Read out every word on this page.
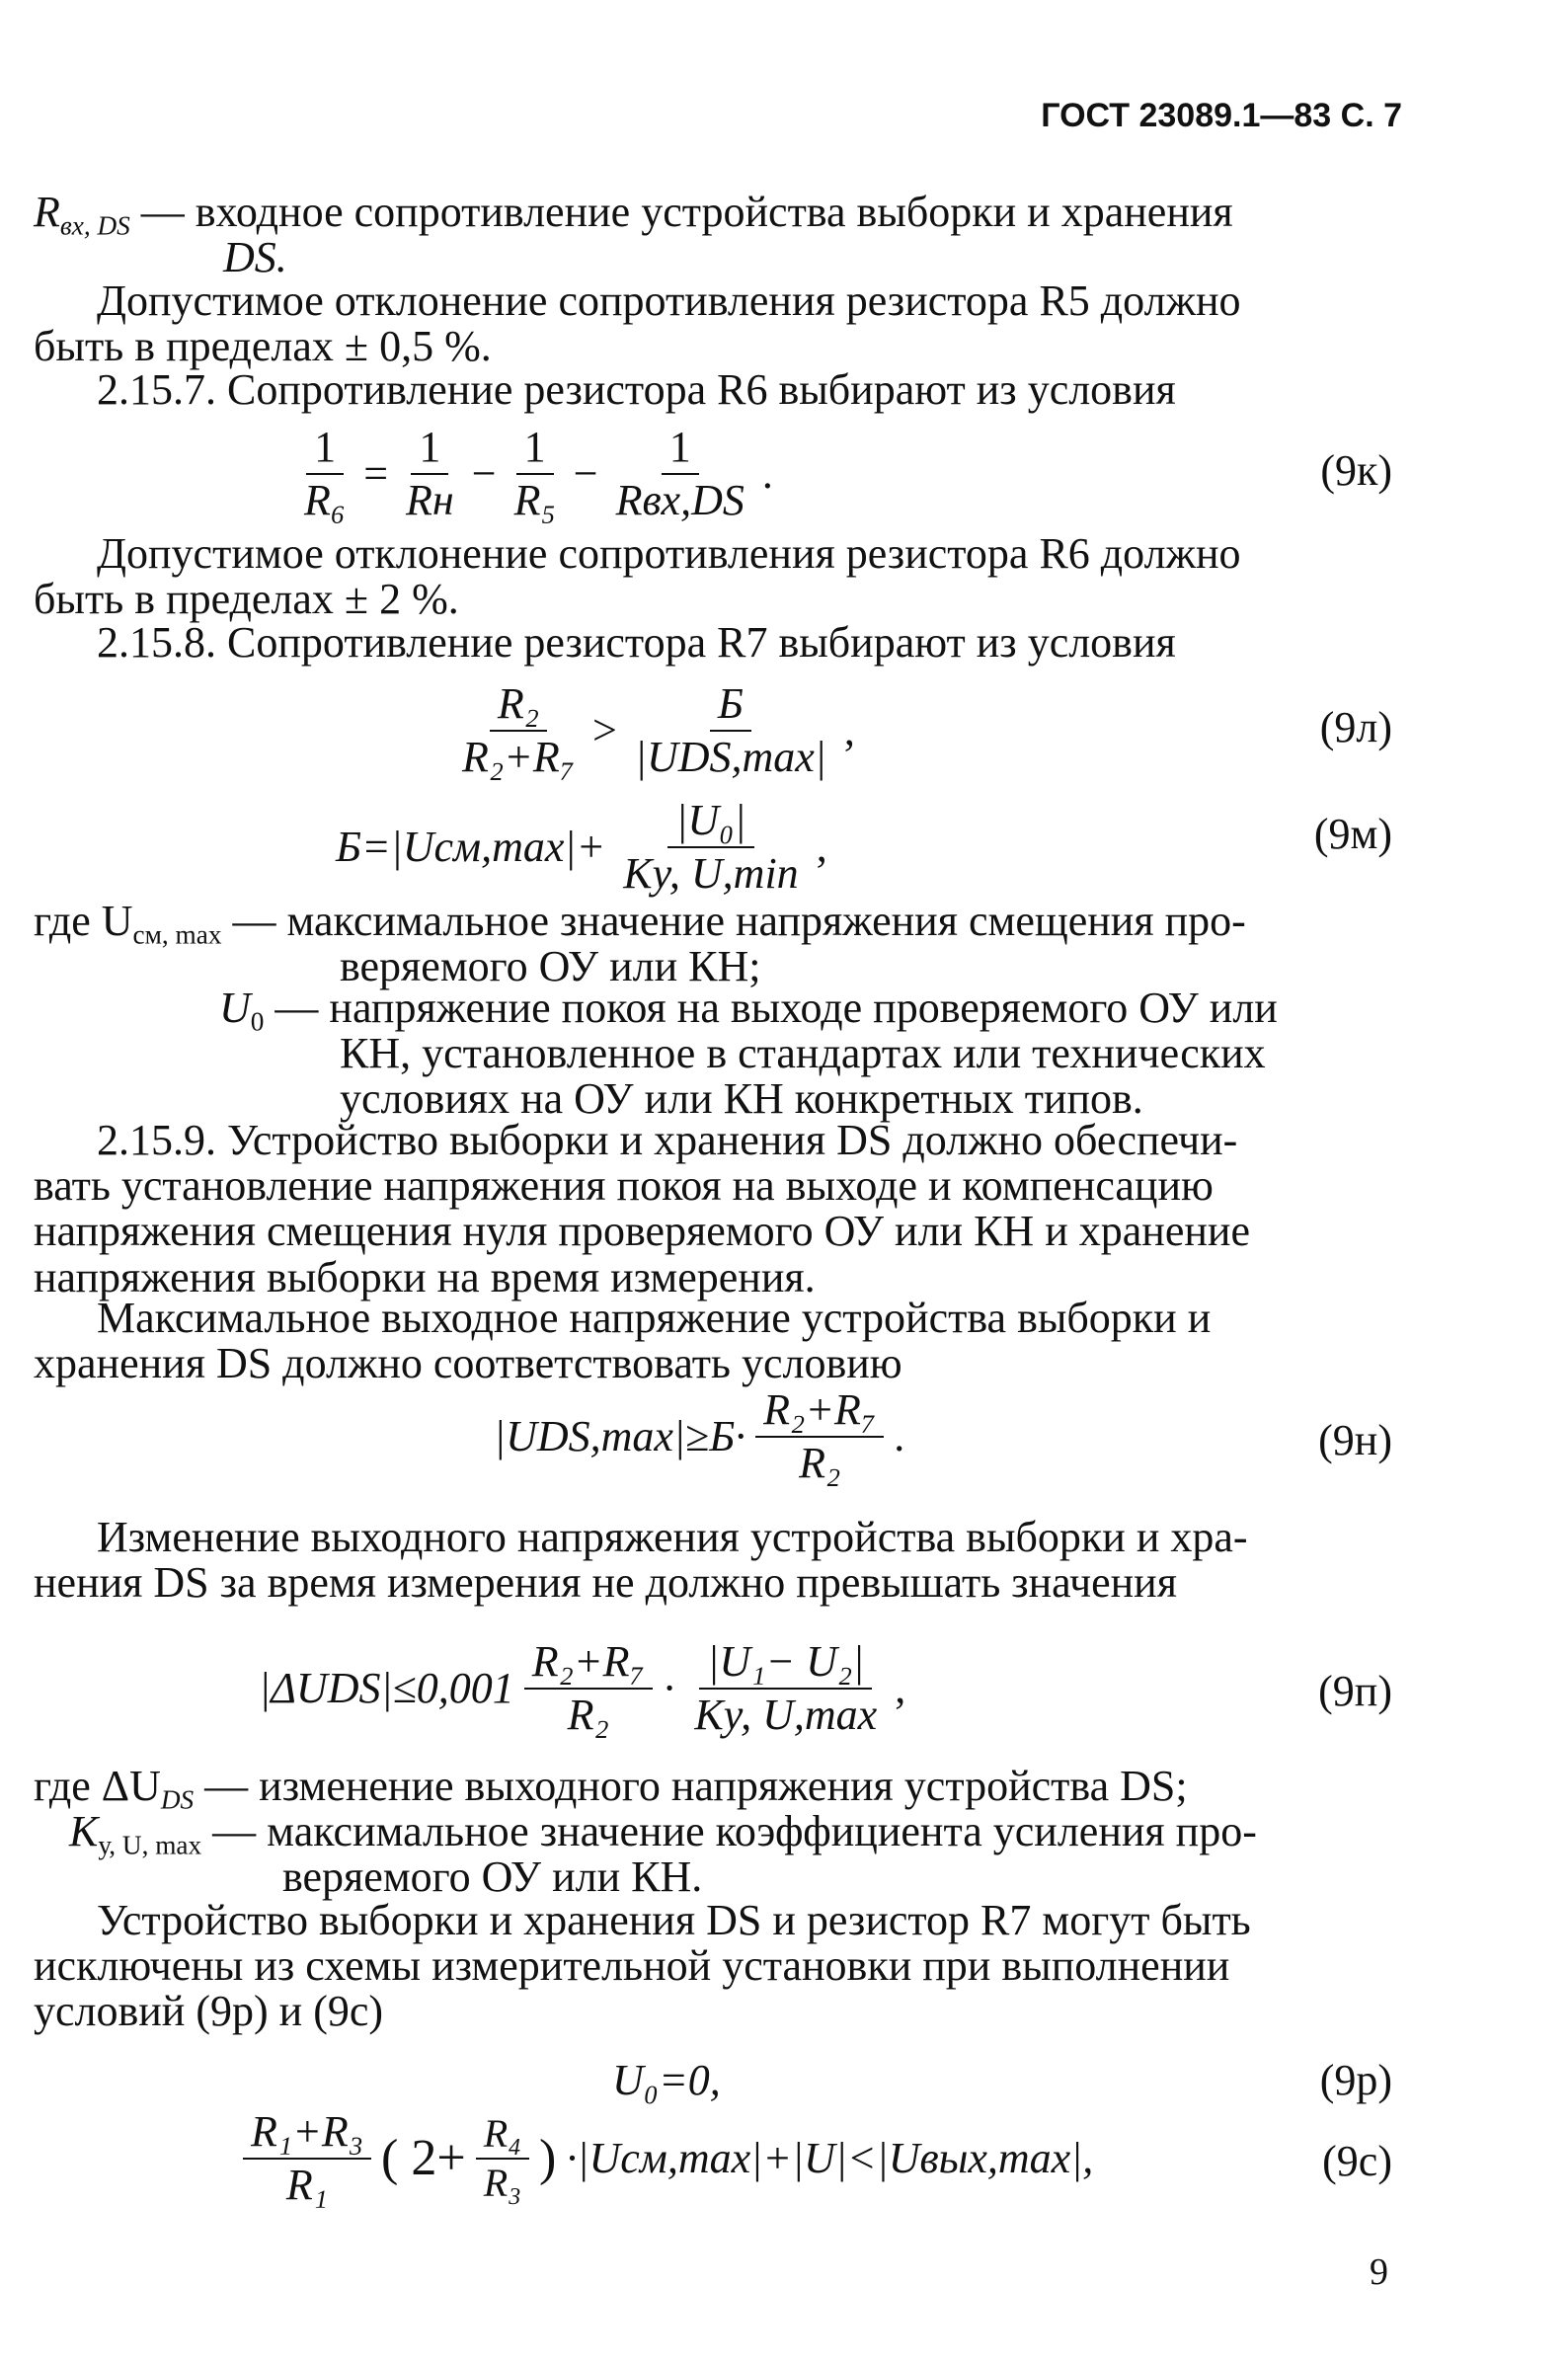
ГОСТ 23089.1—83 С. 7
$R_{вх, DS}$ — входное сопротивление устройства выборки и хранения
DS.
Допустимое отклонение сопротивления резистора R5 должно
быть в пределах ± 0,5 %.
2.15.7. Сопротивление резистора R6 выбирают из условия
$\frac{1}{\text{R₆}} = \frac{1}{Rн} - \frac{1}{\text{R₅}} - \frac{1}{\text{Rвх,DS}}$ .	(9к)
Допустимое отклонение сопротивления резистора R6 должно
быть в пределах ± 2 %.
2.15.8. Сопротивление резистора R7 выбирают из условия
$\frac{\text{R₂}}{\text{R₂+R₇}} > \frac{Б}{\text{|UDS,max|}}$ ,	(9л)
$Б=|Uсм,\max|+ \frac{\text{|U₀|}}{Kу, U,\min}$ ,	(9м)
где $U_{см, max}$ — максимальное значение напряжения смещения про-
веряемого ОУ или КН;
$U_0$ — напряжение покоя на выходе проверяемого ОУ или
КН, установленное в стандартах или технических
условиях на ОУ или КН конкретных типов.
2.15.9. Устройство выборки и хранения DS должно обеспечи-
вать установление напряжения покоя на выходе и компенсацию
напряжения смещения нуля проверяемого ОУ или КН и хранение
напряжения выборки на время измерения.
Максимальное выходное напряжение устройства выборки и
хранения DS должно соответствовать условию
$|UDS,\max|\ge Б\cdot \frac{\text{R₂+R₇}}{\text{R₂}}$ .	(9н)
Изменение выходного напряжения устройства выборки и хра-
нения DS за время измерения не должно превышать значения
$|\Delta UDS|\le 0,001 \frac{\text{R₂+R₇}}{\text{R₂}} \cdot \frac{\text{|U₁− U₂|}}{Kу, U,\max}$ ,	(9п)
где $\Delta U_{DS}$ — изменение выходного напряжения устройства DS;
$K_{у, U, max}$ — максимальное значение коэффициента усиления про-
веряемого ОУ или КН.
Устройство выборки и хранения DS и резистор R7 могут быть
исключены из схемы измерительной установки при выполнении
условий (9р) и (9с)
U₀=0,	(9р)
$\frac{\text{R₁+R₃}}{\text{R₁}}$ ( $2+ \frac{\text{R₄}}{\text{R₃}}$ ) ·|Uсм,max|+|U|<|Uвых,max|,	(9с)
9
